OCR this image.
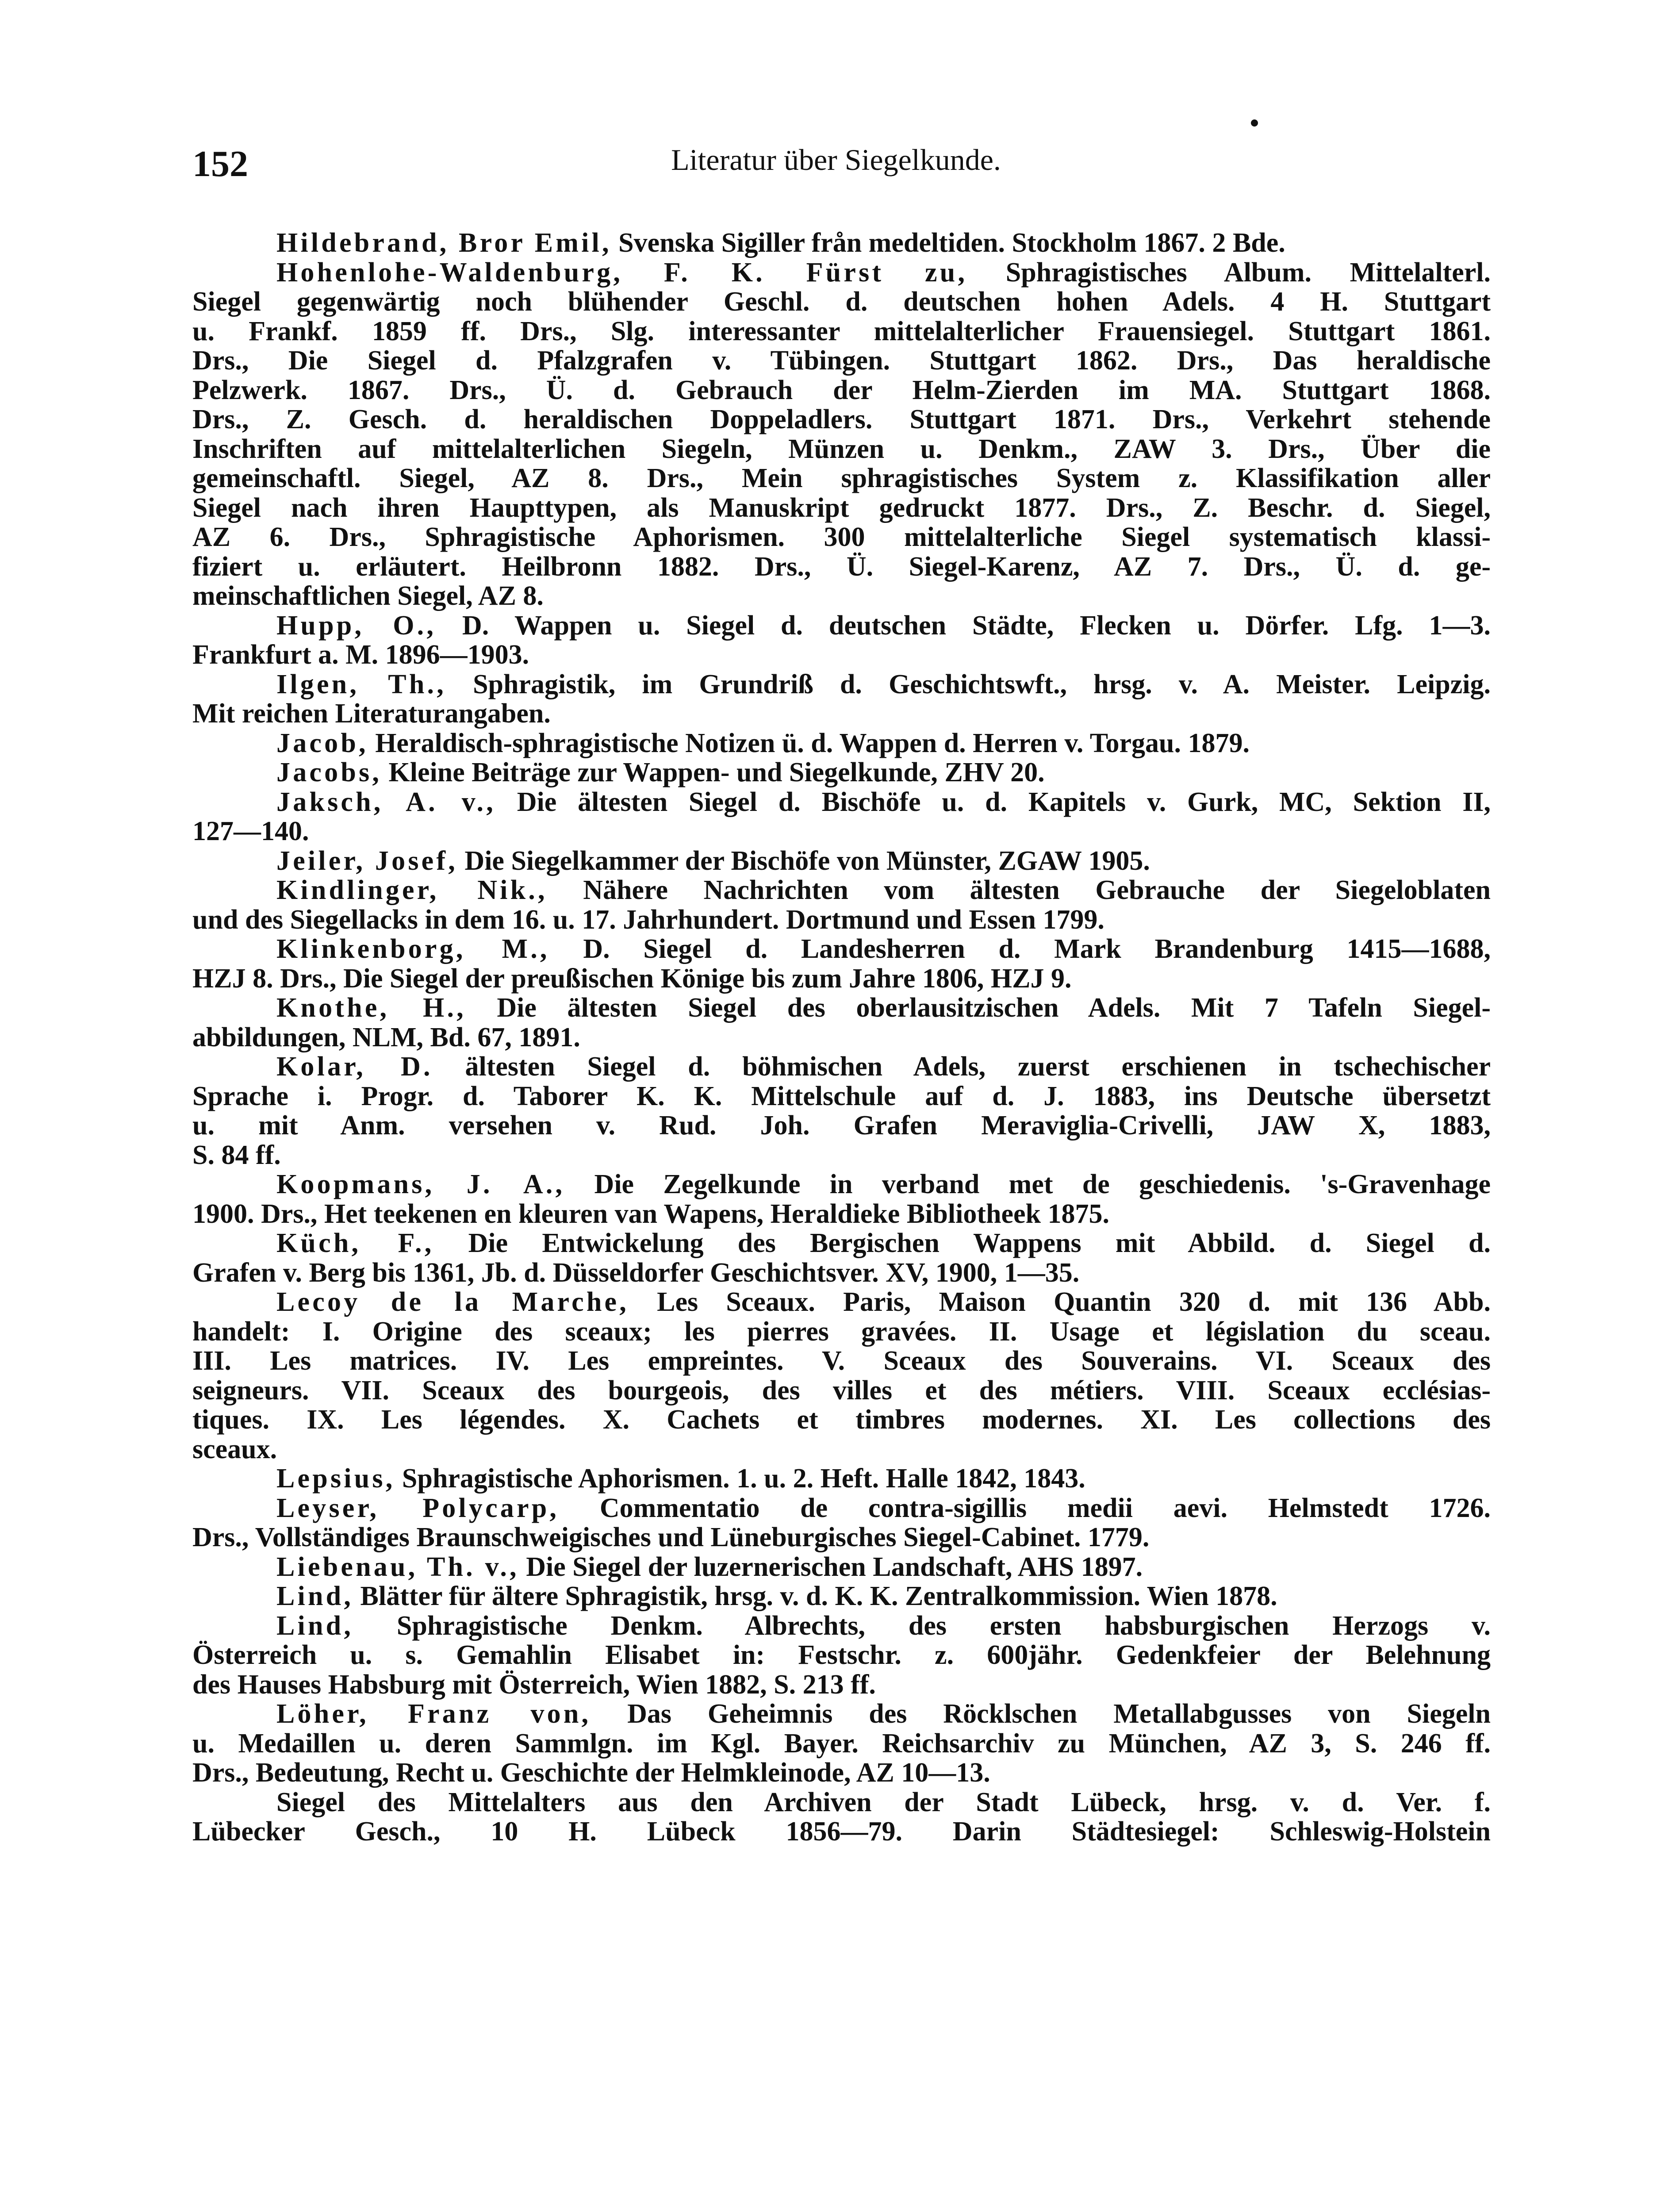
152	Literatur über Siegelkunde.
Hildebrand, Bror Emil, Svenska Sigiller från medeltiden. Stockholm 1867. 2 Bde.
Hohenlohe-Waldenburg, F. K. Fürst zu, Sphragistisches Album. Mittelalterl.
Siegel gegenwärtig noch blühender Geschl. d. deutschen hohen Adels. 4 H. Stuttgart
u. Frankf. 1859 ff. Drs., Slg. interessanter mittelalterlicher Frauensiegel. Stuttgart 1861.
Drs., Die Siegel d. Pfalzgrafen v. Tübingen. Stuttgart 1862. Drs., Das heraldische
Pelzwerk. 1867. Drs., Ü. d. Gebrauch der Helm-Zierden im MA. Stuttgart 1868.
Drs., Z. Gesch. d. heraldischen Doppeladlers. Stuttgart 1871. Drs., Verkehrt stehende
Inschriften auf mittelalterlichen Siegeln, Münzen u. Denkm., ZAW 3. Drs., Über die
gemeinschaftl. Siegel, AZ 8. Drs., Mein sphragistisches System z. Klassifikation aller
Siegel nach ihren Haupttypen, als Manuskript gedruckt 1877. Drs., Z. Beschr. d. Siegel,
AZ 6. Drs., Sphragistische Aphorismen. 300 mittelalterliche Siegel systematisch klassi-
fiziert u. erläutert. Heilbronn 1882. Drs., Ü. Siegel-Karenz, AZ 7. Drs., Ü. d. ge-
meinschaftlichen Siegel, AZ 8.
Hupp, O., D. Wappen u. Siegel d. deutschen Städte, Flecken u. Dörfer. Lfg. 1—3.
Frankfurt a. M. 1896—1903.
Ilgen, Th., Sphragistik, im Grundriß d. Geschichtswft., hrsg. v. A. Meister. Leipzig.
Mit reichen Literaturangaben.
Jacob, Heraldisch-sphragistische Notizen ü. d. Wappen d. Herren v. Torgau. 1879.
Jacobs, Kleine Beiträge zur Wappen- und Siegelkunde, ZHV 20.
Jaksch, A. v., Die ältesten Siegel d. Bischöfe u. d. Kapitels v. Gurk, MC, Sektion II,
127—140.
Jeiler, Josef, Die Siegelkammer der Bischöfe von Münster, ZGAW 1905.
Kindlinger, Nik., Nähere Nachrichten vom ältesten Gebrauche der Siegeloblaten
und des Siegellacks in dem 16. u. 17. Jahrhundert. Dortmund und Essen 1799.
Klinkenborg, M., D. Siegel d. Landesherren d. Mark Brandenburg 1415—1688,
HZJ 8. Drs., Die Siegel der preußischen Könige bis zum Jahre 1806, HZJ 9.
Knothe, H., Die ältesten Siegel des oberlausitzischen Adels. Mit 7 Tafeln Siegel-
abbildungen, NLM, Bd. 67, 1891.
Kolar, D. ältesten Siegel d. böhmischen Adels, zuerst erschienen in tschechischer
Sprache i. Progr. d. Taborer K. K. Mittelschule auf d. J. 1883, ins Deutsche übersetzt
u. mit Anm. versehen v. Rud. Joh. Grafen Meraviglia-Crivelli, JAW X, 1883,
S. 84 ff.
Koopmans, J. A., Die Zegelkunde in verband met de geschiedenis. 's-Gravenhage
1900. Drs., Het teekenen en kleuren van Wapens, Heraldieke Bibliotheek 1875.
Küch, F., Die Entwickelung des Bergischen Wappens mit Abbild. d. Siegel d.
Grafen v. Berg bis 1361, Jb. d. Düsseldorfer Geschichtsver. XV, 1900, 1—35.
Lecoy de la Marche, Les Sceaux. Paris, Maison Quantin 320 d. mit 136 Abb.
handelt: I. Origine des sceaux; les pierres gravées. II. Usage et législation du sceau.
III. Les matrices. IV. Les empreintes. V. Sceaux des Souverains. VI. Sceaux des
seigneurs. VII. Sceaux des bourgeois, des villes et des métiers. VIII. Sceaux ecclésias-
tiques. IX. Les légendes. X. Cachets et timbres modernes. XI. Les collections des
sceaux.
Lepsius, Sphragistische Aphorismen. 1. u. 2. Heft. Halle 1842, 1843.
Leyser, Polycarp, Commentatio de contra-sigillis medii aevi. Helmstedt 1726.
Drs., Vollständiges Braunschweigisches und Lüneburgisches Siegel-Cabinet. 1779.
Liebenau, Th. v., Die Siegel der luzernerischen Landschaft, AHS 1897.
Lind, Blätter für ältere Sphragistik, hrsg. v. d. K. K. Zentralkommission. Wien 1878.
Lind, Sphragistische Denkm. Albrechts, des ersten habsburgischen Herzogs v.
Österreich u. s. Gemahlin Elisabet in: Festschr. z. 600jähr. Gedenkfeier der Belehnung
des Hauses Habsburg mit Österreich, Wien 1882, S. 213 ff.
Löher, Franz von, Das Geheimnis des Röcklschen Metallabgusses von Siegeln
u. Medaillen u. deren Sammlgn. im Kgl. Bayer. Reichsarchiv zu München, AZ 3, S. 246 ff.
Drs., Bedeutung, Recht u. Geschichte der Helmkleinode, AZ 10—13.
Siegel des Mittelalters aus den Archiven der Stadt Lübeck, hrsg. v. d. Ver. f.
Lübecker Gesch., 10 H. Lübeck 1856—79. Darin Städtesiegel: Schleswig-Holstein
